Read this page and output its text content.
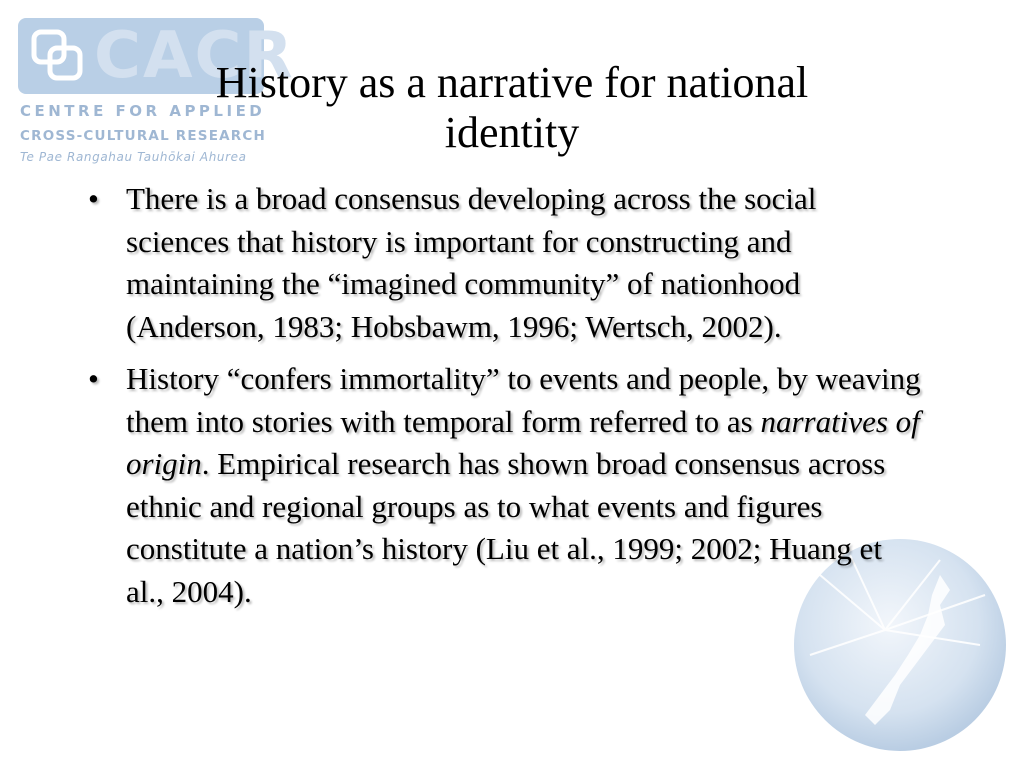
CACR
CENTRE FOR APPLIED
CROSS-CULTURAL RESEARCH
Te Pae Rangahau Tauhōkai Ahurea
History as a narrative for national identity
• There is a broad consensus developing across the social sciences that history is important for constructing and maintaining the “imagined community” of nationhood (Anderson, 1983; Hobsbawm, 1996; Wertsch, 2002).
• History “confers immortality” to events and people, by weaving them into stories with temporal form referred to as narratives of origin. Empirical research has shown broad consensus across ethnic and regional groups as to what events and figures constitute a nation’s history (Liu et al., 1999; 2002; Huang et al., 2004).
